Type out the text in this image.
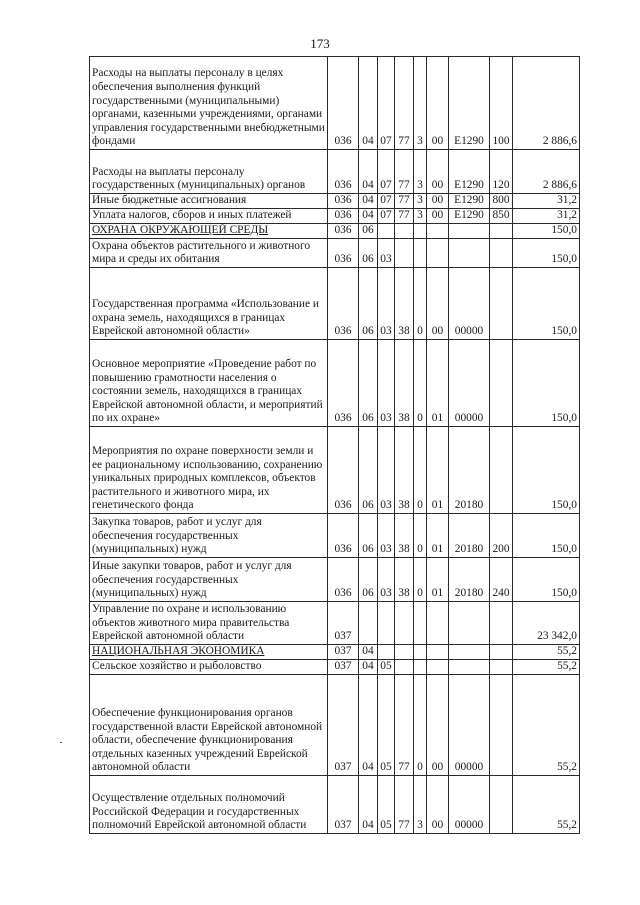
173
Расходы на выплаты персоналу в целях обеспечения выполнения функций государственными (муниципальными) органами, казенными учреждениями, органами управления государственными внебюджетными фондами	036	04	07	77	3	00	Е1290	100	2 886,6

Расходы на выплаты персоналу государственных (муниципальных) органов	036	04	07	77	3	00	Е1290	120	2 886,6

Иные бюджетные ассигнования	036	04	07	77	3	00	Е1290	800	31,2

Уплата налогов, сборов и иных платежей	036	04	07	77	3	00	Е1290	850	31,2

ОХРАНА ОКРУЖАЮЩЕЙ СРЕДЫ	036	06							150,0

Охрана объектов растительного и животного мира и среды их обитания	036	06	03						150,0

Государственная программа «Использование и охрана земель, находящихся в границах Еврейской автономной области»	036	06	03	38	0	00	00000		150,0

Основное мероприятие «Проведение работ по повышению грамотности населения о состоянии земель, находящихся в границах Еврейской автономной области, и мероприятий по их охране»	036	06	03	38	0	01	00000		150,0

Мероприятия по охране поверхности земли и ее рациональному использованию, сохранению уникальных природных комплексов, объектов растительного и животного мира, их генетического фонда	036	06	03	38	0	01	20180		150,0

Закупка товаров, работ и услуг для обеспечения государственных (муниципальных) нужд	036	06	03	38	0	01	20180	200	150,0

Иные закупки товаров, работ и услуг для обеспечения государственных (муниципальных) нужд	036	06	03	38	0	01	20180	240	150,0

Управление по охране и использованию объектов животного мира правительства Еврейской автономной области	037								23 342,0

НАЦИОНАЛЬНАЯ ЭКОНОМИКА	037	04							55,2

Сельское хозяйство и рыболовство	037	04	05						55,2

Обеспечение функционирования органов государственной власти Еврейской автономной области, обеспечение функционирования отдельных казенных учреждений Еврейской автономной области	037	04	05	77	0	00	00000		55,2

Осуществление отдельных полномочий Российской Федерации и государственных полномочий Еврейской автономной области	037	04	05	77	3	00	00000		55,2
